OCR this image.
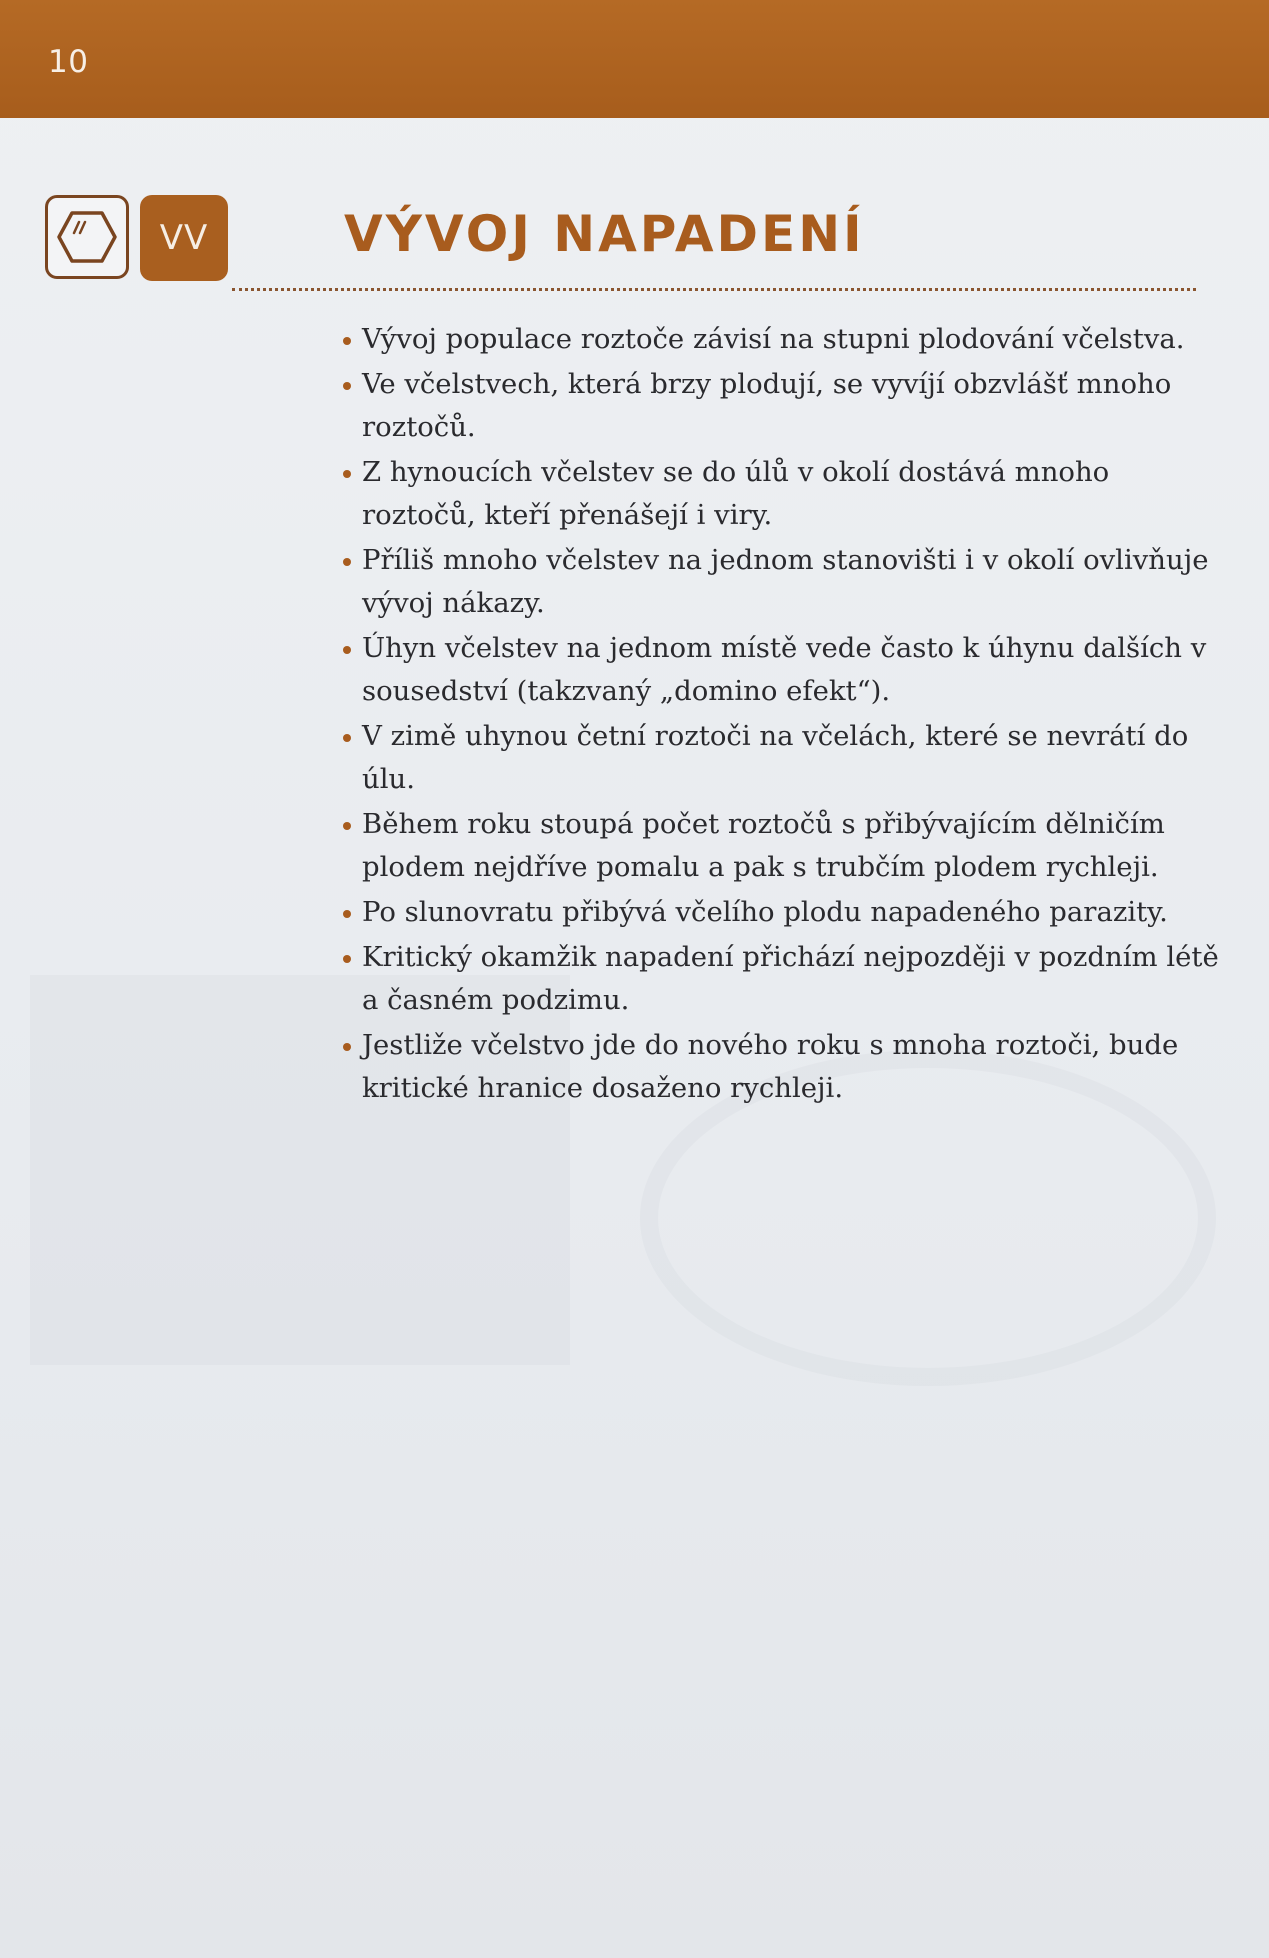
10
VV	VÝVOJ NAPADENÍ
Vývoj populace roztoče závisí na stupni plodování včelstva.
Ve včelstvech, která brzy plodují, se vyvíjí obzvlášť mnoho roztočů.
Z hynoucích včelstev se do úlů v okolí dostává mnoho roztočů, kteří přenášejí i viry.
Příliš mnoho včelstev na jednom stanovišti i v okolí ovlivňuje vývoj nákazy.
Úhyn včelstev na jednom místě vede často k úhynu dalších v sousedství (takzvaný „domino efekt“).
V zimě uhynou četní roztoči na včelách, které se nevrátí do úlu.
Během roku stoupá počet roztočů s přibývajícím dělničím plodem nejdříve pomalu a pak s trubčím plodem rychleji.
Po slunovratu přibývá včelího plodu napadeného parazity.
Kritický okamžik napadení přichází nejpozději v pozdním létě a časném podzimu.
Jestliže včelstvo jde do nového roku s mnoha roztoči, bude kritické hranice dosaženo rychleji.
